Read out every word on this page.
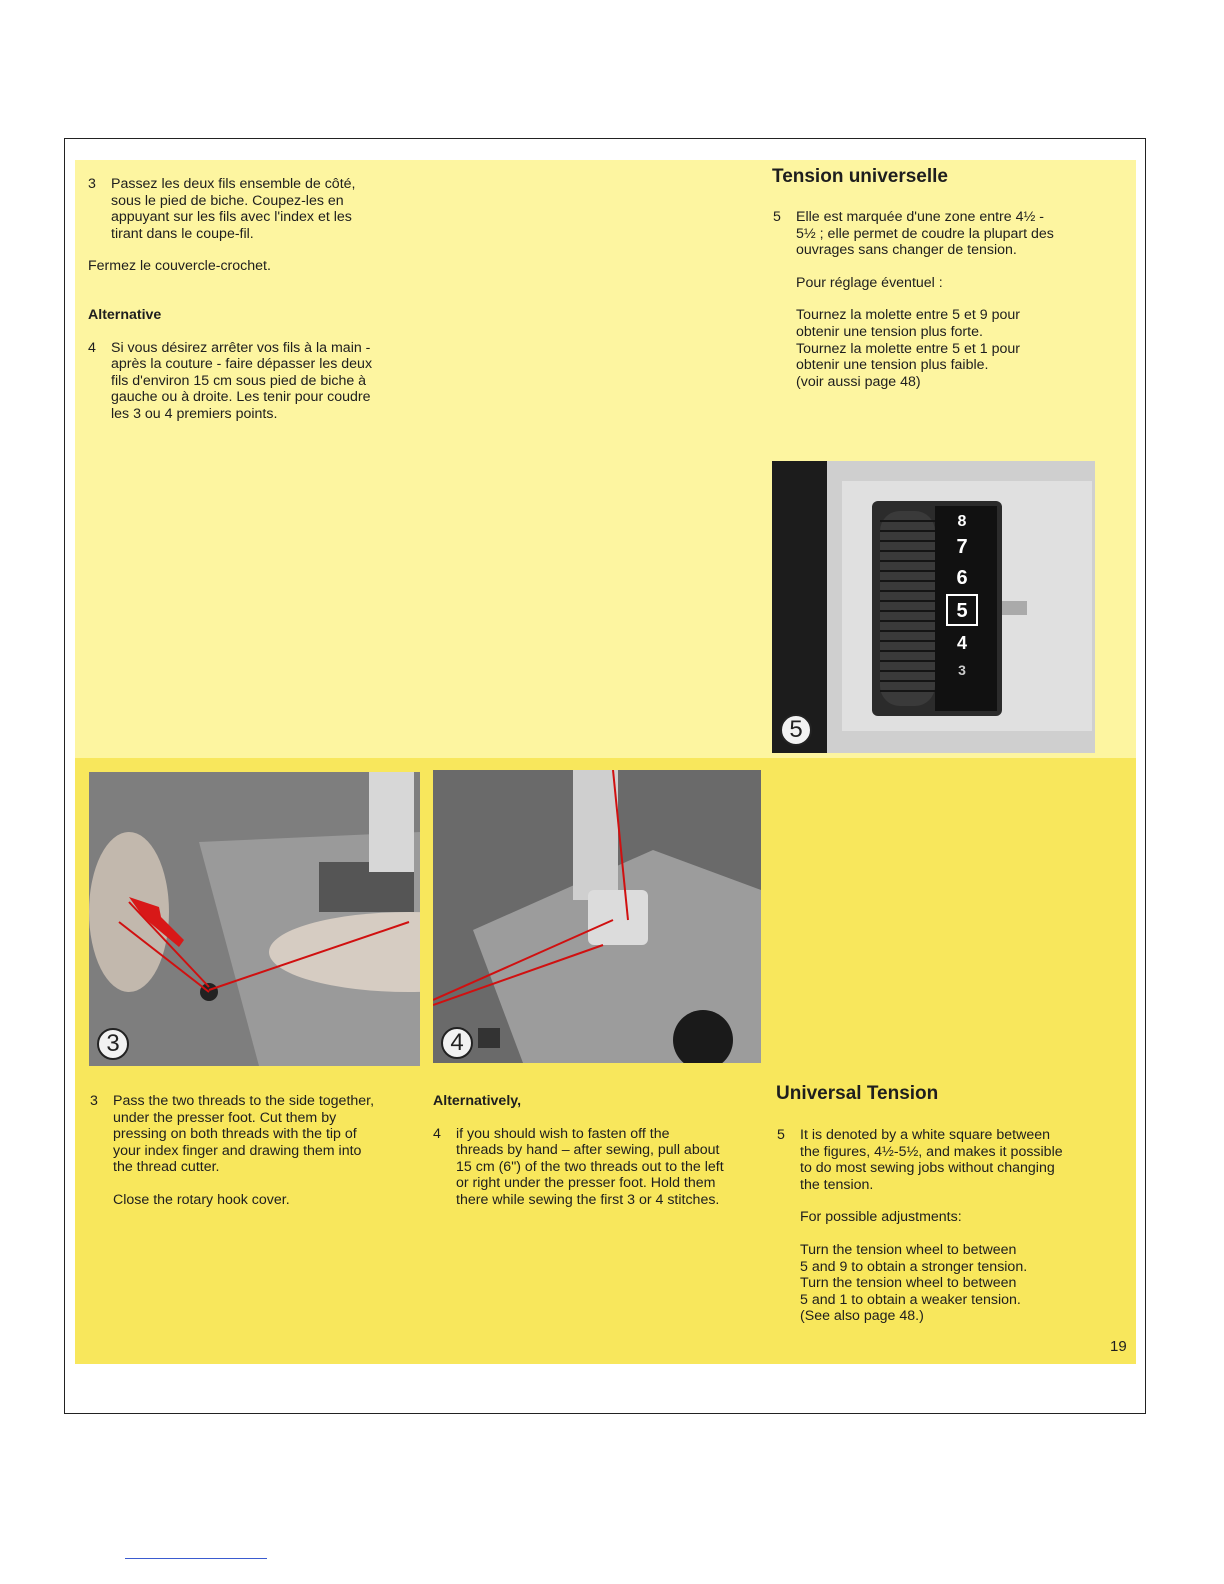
3 Passez les deux fils ensemble de côté,
sous le pied de biche. Coupez-les en
appuyant sur les fils avec l'index et les
tirant dans le coupe-fil.

Fermez le couvercle-crochet.

Alternative

4 Si vous désirez arrêter vos fils à la main -
après la couture - faire dépasser les deux
fils d'environ 15 cm sous pied de biche à
gauche ou à droite. Les tenir pour coudre
les 3 ou 4 premiers points.

Tension universelle
5 Elle est marquée d'une zone entre 4½ -
5½ ; elle permet de coudre la plupart des
ouvrages sans changer de tension.

Pour réglage éventuel :

Tournez la molette entre 5 et 9 pour
obtenir une tension plus forte.
Tournez la molette entre 5 et 1 pour
obtenir une tension plus faible.
(voir aussi page 48)

8
7
6
5
4
3
5
3	4
3 Pass the two threads to the side together,
under the presser foot. Cut them by
pressing on both threads with the tip of
your index finger and drawing them into
the thread cutter.

Close the rotary hook cover.

Alternatively,

4 if you should wish to fasten off the
threads by hand – after sewing, pull about
15 cm (6") of the two threads out to the left
or right under the presser foot. Hold them
there while sewing the first 3 or 4 stitches.

Universal Tension
5 It is denoted by a white square between
the figures, 4½-5½, and makes it possible
to do most sewing jobs without changing
the tension.

For possible adjustments:

Turn the tension wheel to between
5 and 9 to obtain a stronger tension.
Turn the tension wheel to between
5 and 1 to obtain a weaker tension.
(See also page 48.)

19
